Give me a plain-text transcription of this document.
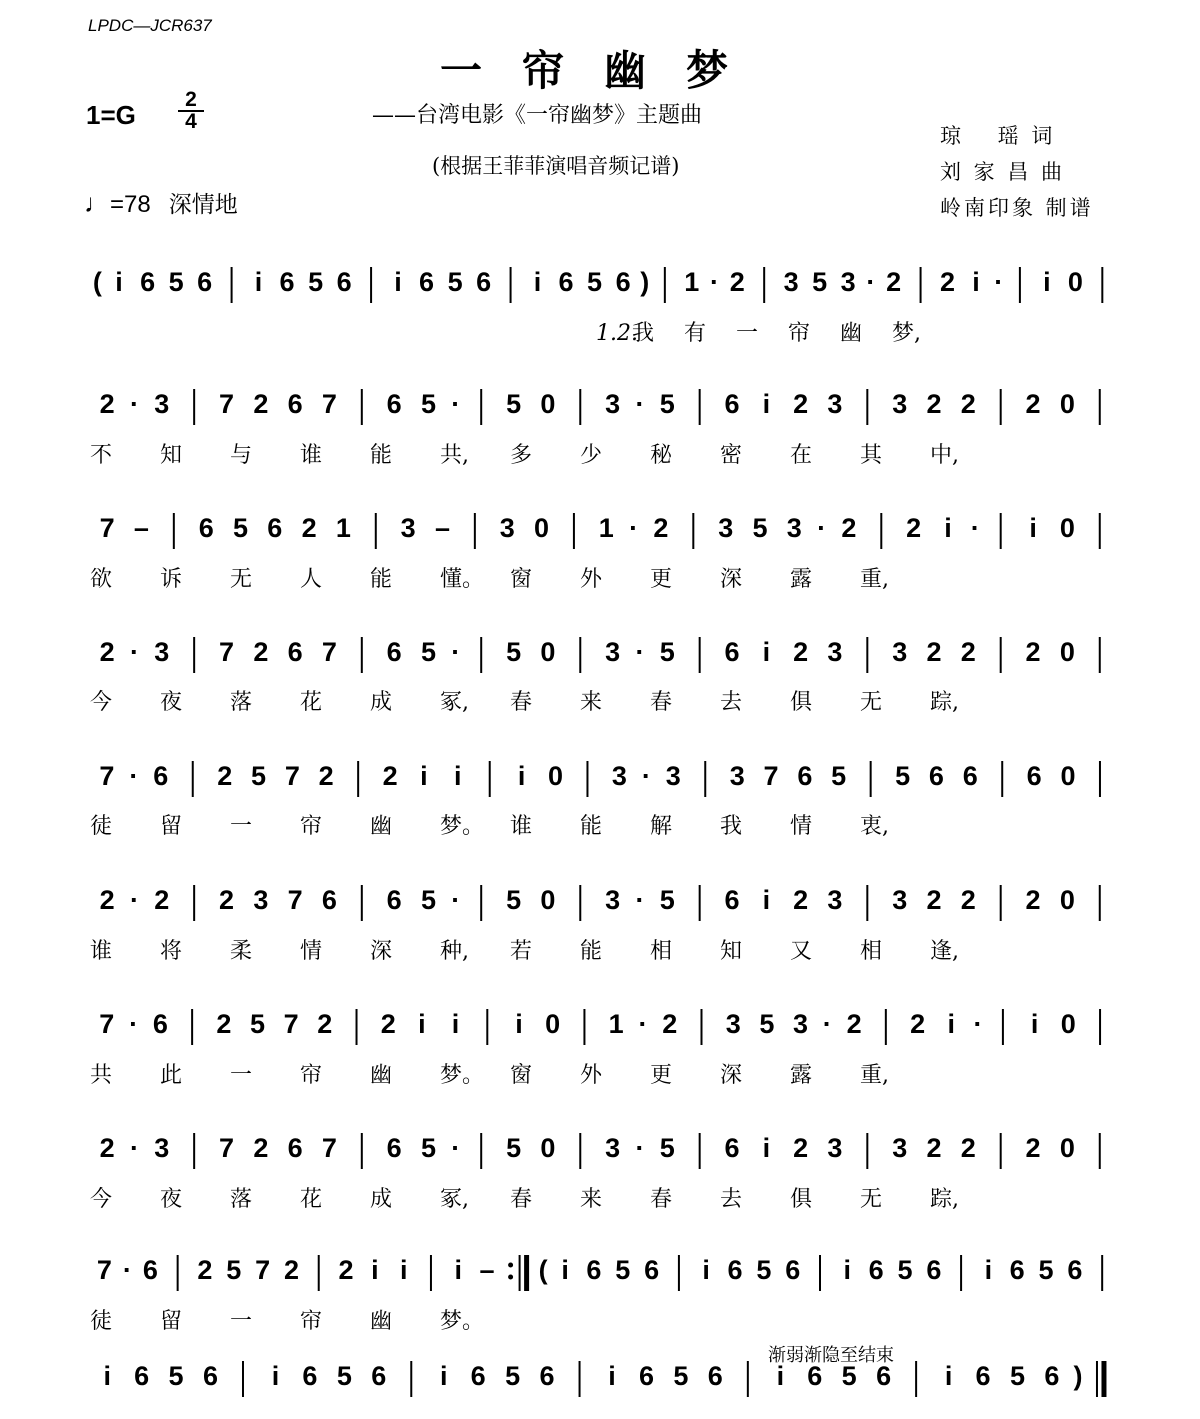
LPDC—JCR637
一帘幽梦
——台湾电影《一帘幽梦》主题曲
(根据王菲菲演唱音频记谱)
1=G
2
4
♩=78 深情地
琼　 瑶 词
刘 家 昌 曲
岭南印象 制谱
渐弱渐隐至结束
( i 6 5 6 i 6 5 6 i 6 5 6 i 6 5 6 ) 1 · 2 3 5 3 · 2 2 i · i 0
1.2.
我 有 一 帘 幽 梦,
2 · 3 7 2 6 7 6 5 · 5 0 3 · 5 6 i 2 3 3 2 2 2 0
不 知 与 谁 能 共, 多 少 秘 密 在 其 中,
7 – 6 5 6 2 1 3 – 3 0 1 · 2 3 5 3 · 2 2 i · i 0
欲 诉 无 人 能 懂。 窗 外 更 深 露 重,
2 · 3 7 2 6 7 6 5 · 5 0 3 · 5 6 i 2 3 3 2 2 2 0
今 夜 落 花 成 冢, 春 来 春 去 俱 无 踪,
7 · 6 2 5 7 2 2 i i i 0 3 · 3 3 7 6 5 5 6 6 6 0
徒 留 一 帘 幽 梦。 谁 能 解 我 情 衷,
2 · 2 2 3 7 6 6 5 · 5 0 3 · 5 6 i 2 3 3 2 2 2 0
谁 将 柔 情 深 种, 若 能 相 知 又 相 逢,
7 · 6 2 5 7 2 2 i i i 0 1 · 2 3 5 3 · 2 2 i · i 0
共 此 一 帘 幽 梦。 窗 外 更 深 露 重,
2 · 3 7 2 6 7 6 5 · 5 0 3 · 5 6 i 2 3 3 2 2 2 0
今 夜 落 花 成 冢, 春 来 春 去 俱 无 踪,
7 · 6 2 5 7 2 2 i i i – ( i 6 5 6 i 6 5 6 i 6 5 6 i 6 5 6
徒 留 一 帘 幽 梦。
i 6 5 6 i 6 5 6 i 6 5 6 i 6 5 6 i 6 5 6 i 6 5 6 )
